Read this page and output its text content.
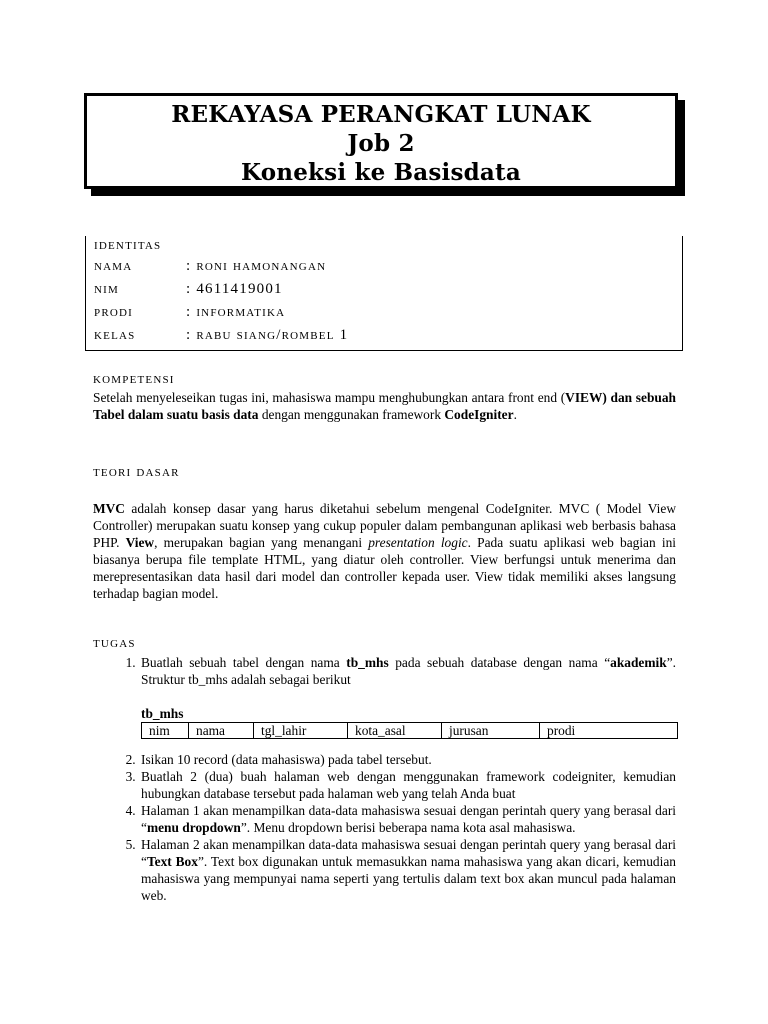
REKAYASA PERANGKAT LUNAK
Job 2
Koneksi ke Basisdata
identitas
nama	: roni hamonangan
nim	: 4611419001
prodi	: informatika
kelas	: rabu siang/rombel 1
kompetensi
Setelah menyeleseikan tugas ini, mahasiswa mampu menghubungkan antara front end (VIEW) dan sebuah Tabel dalam suatu basis data dengan menggunakan framework CodeIgniter.
teori dasar
MVC adalah konsep dasar yang harus diketahui sebelum mengenal CodeIgniter. MVC ( Model View Controller) merupakan suatu konsep yang cukup populer dalam pembangunan aplikasi web berbasis bahasa PHP. View, merupakan bagian yang menangani presentation logic. Pada suatu aplikasi web bagian ini biasanya berupa file template HTML, yang diatur oleh controller. View berfungsi untuk menerima dan merepresentasikan data hasil dari model dan controller kepada user. View tidak memiliki akses langsung terhadap bagian model.
tugas
1. Buatlah sebuah tabel dengan nama tb_mhs pada sebuah database dengan nama “akademik”. Struktur tb_mhs adalah sebagai berikut
tb_mhs
nim	nama	tgl_lahir	kota_asal	jurusan	prodi
2. Isikan 10 record (data mahasiswa) pada tabel tersebut.
3. Buatlah 2 (dua) buah halaman web dengan menggunakan framework codeigniter, kemudian hubungkan database tersebut pada halaman web yang telah Anda buat
4. Halaman 1 akan menampilkan data-data mahasiswa sesuai dengan perintah query yang berasal dari “menu dropdown”. Menu dropdown berisi beberapa nama kota asal mahasiswa.
5. Halaman 2 akan menampilkan data-data mahasiswa sesuai dengan perintah query yang berasal dari “Text Box”. Text box digunakan untuk memasukkan nama mahasiswa yang akan dicari, kemudian mahasiswa yang mempunyai nama seperti yang tertulis dalam text box akan muncul pada halaman web.
